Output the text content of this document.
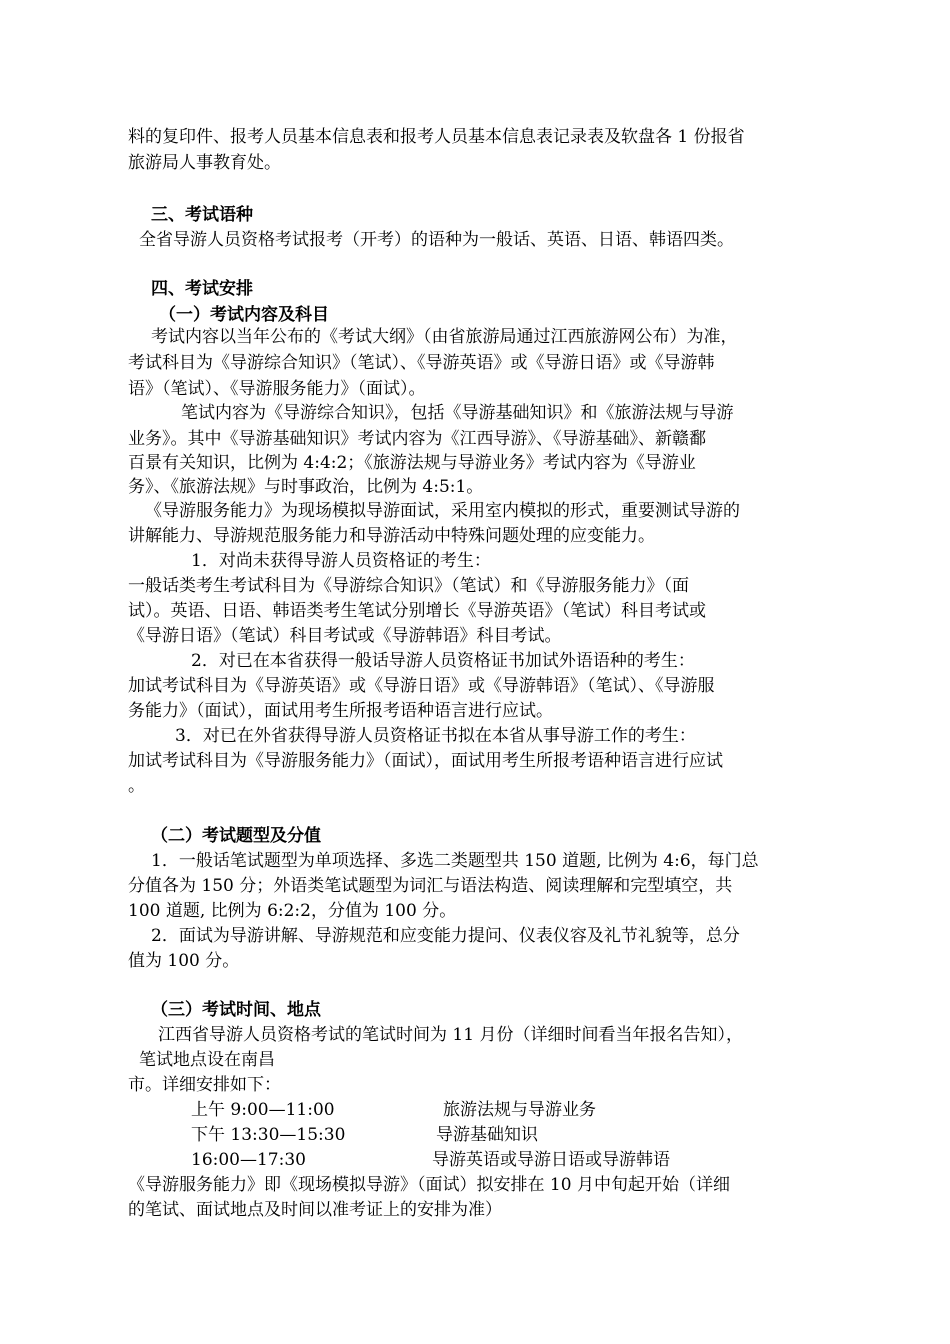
料的复印件、报考人员基本信息表和报考人员基本信息表记录表及软盘各 1 份报省
旅游局人事教育处。
三、考试语种
全省导游人员资格考试报考（开考）的语种为一般话、英语、日语、韩语四类。
四、考试安排
（一）考试内容及科目
考试内容以当年公布的《考试大纲》（由省旅游局通过江西旅游网公布）为准，
考试科目为《导游综合知识》（笔试）、《导游英语》或《导游日语》或《导游韩
语》（笔试）、《导游服务能力》（面试）。
笔试内容为《导游综合知识》，包括《导游基础知识》和《旅游法规与导游
业务》。其中《导游基础知识》考试内容为《江西导游》、《导游基础》、新赣鄱
百景有关知识，比例为 4:4:2；《旅游法规与导游业务》考试内容为《导游业
务》、《旅游法规》与时事政治，比例为 4:5:1。
《导游服务能力》为现场模拟导游面试，采用室内模拟的形式，重要测试导游的
讲解能力、导游规范服务能力和导游活动中特殊问题处理的应变能力。
1．对尚未获得导游人员资格证的考生：
一般话类考生考试科目为《导游综合知识》（笔试）和《导游服务能力》（面
试）。英语、日语、韩语类考生笔试分别增长《导游英语》（笔试）科目考试或
《导游日语》（笔试）科目考试或《导游韩语》科目考试。
2．对已在本省获得一般话导游人员资格证书加试外语语种的考生：
加试考试科目为《导游英语》或《导游日语》或《导游韩语》（笔试）、《导游服
务能力》（面试），面试用考生所报考语种语言进行应试。
3．对已在外省获得导游人员资格证书拟在本省从事导游工作的考生：
加试考试科目为《导游服务能力》（面试），面试用考生所报考语种语言进行应试
。
（二）考试题型及分值
1．一般话笔试题型为单项选择、多选二类题型共 150 道题, 比例为 4:6，每门总
分值各为 150 分；外语类笔试题型为词汇与语法构造、阅读理解和完型填空，共
100 道题, 比例为 6:2:2，分值为 100 分。
2．面试为导游讲解、导游规范和应变能力提问、仪表仪容及礼节礼貌等，总分
值为 100 分。
（三）考试时间、地点
江西省导游人员资格考试的笔试时间为 11 月份（详细时间看当年报名告知），
笔试地点设在南昌
市。详细安排如下：
上午 9:00—11:00	旅游法规与导游业务
下午 13:30—15:30	导游基础知识
16:00—17:30	导游英语或导游日语或导游韩语
《导游服务能力》即《现场模拟导游》（面试）拟安排在 10 月中旬起开始（详细
的笔试、面试地点及时间以准考证上的安排为准）
